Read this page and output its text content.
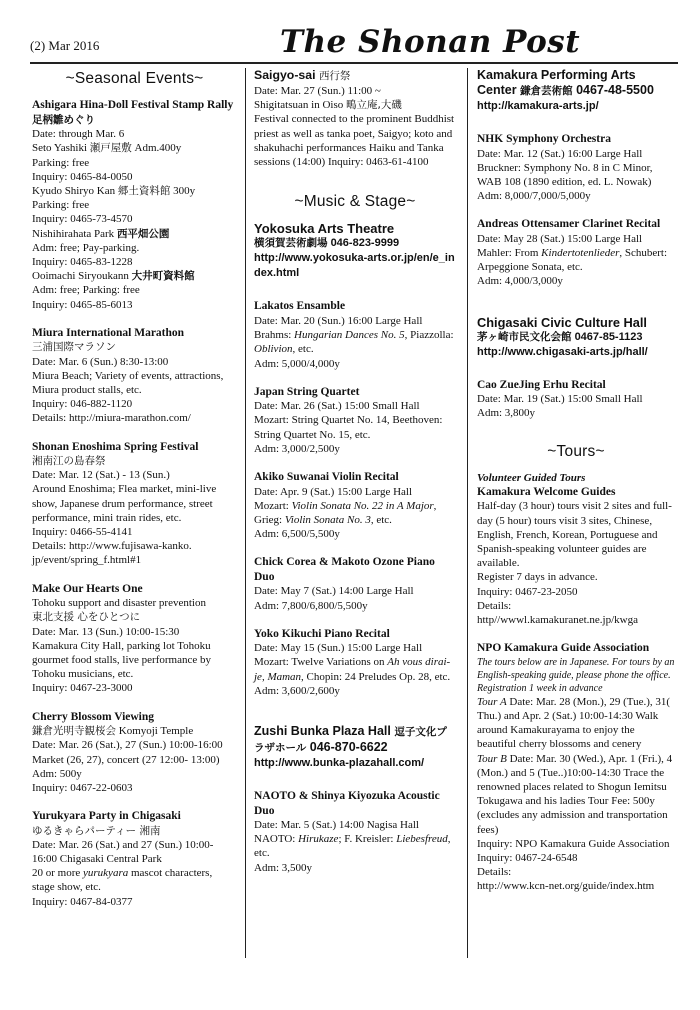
(2) Mar 2016	The Shonan Post
~Seasonal Events~
Ashigara Hina-Doll Festival Stamp Rally 足柄雛めぐり
Date: through Mar. 6
Seto Yashiki 瀬戸屋敷 Adm.400y
Parking: free
Inquiry: 0465-84-0050
Kyudo Shiryo Kan 郷土資料館 300y
Parking: free
Inquiry: 0465-73-4570
Nishihirahata Park 西平畑公園
Adm: free; Pay-parking.
Inquiry: 0465-83-1228
Ooimachi Siryoukann 大井町資料館
Adm: free; Parking: free
Inquiry: 0465-85-6013
Miura International Marathon
三浦国際マラソン
Date: Mar. 6 (Sun.) 8:30-13:00
Miura Beach; Variety of events, attractions, Miura product stalls, etc.
Inquiry: 046-882-1120
Details: http://miura-marathon.com/
Shonan Enoshima Spring Festival
湘南江の島春祭
Date: Mar. 12 (Sat.) - 13 (Sun.)
Around Enoshima; Flea market, mini-live show, Japanese drum performance, street performance, mini train rides, etc.
Inquiry: 0466-55-4141
Details: http://www.fujisawa-kanko. jp/event/spring_f.html#1
Make Our Hearts One
Tohoku support and disaster prevention
東北支援 心をひとつに
Date: Mar. 13 (Sun.) 10:00-15:30
Kamakura City Hall, parking lot Tohoku gourmet food stalls, live performance by Tohoku musicians, etc.
Inquiry: 0467-23-3000
Cherry Blossom Viewing
鎌倉光明寺観桜会 Komyoji Temple
Date: Mar. 26 (Sat.), 27 (Sun.) 10:00-16:00
Market (26, 27), concert (27 12:00- 13:00)
Adm: 500y
Inquiry: 0467-22-0603
Yurukyara Party in Chigasaki
ゆるきゃらパーティー 湘南
Date: Mar. 26 (Sat.) and 27 (Sun.) 10:00-16:00 Chigasaki Central Park
20 or more yurukyara mascot characters, stage show, etc.
Inquiry: 0467-84-0377
Saigyo-sai 西行祭
Date: Mar. 27 (Sun.) 11:00 ~
Shigitatsuan in Oiso 鴫立庵,大磯
Festival connected to the prominent Buddhist priest as well as tanka poet, Saigyo; koto and shakuhachi performances Haiku and Tanka sessions (14:00) Inquiry: 0463-61-4100
~Music & Stage~
Yokosuka Arts Theatre
横須賀芸術劇場 046-823-9999
http://www.yokosuka-arts.or.jp/en/e_index.html
Lakatos Ensamble
Date: Mar. 20 (Sun.) 16:00 Large Hall
Brahms: Hungarian Dances No. 5, Piazzolla: Oblivion, etc.
Adm: 5,000/4,000y
Japan String Quartet
Date: Mar. 26 (Sat.) 15:00 Small Hall
Mozart: String Quartet No. 14, Beethoven: String Quartet No. 15, etc.
Adm: 3,000/2,500y
Akiko Suwanai Violin Recital
Date: Apr. 9 (Sat.) 15:00 Large Hall
Mozart: Violin Sonata No. 22 in A Major, Grieg: Violin Sonata No. 3, etc.
Adm: 6,500/5,500y
Chick Corea & Makoto Ozone Piano Duo
Date: May 7 (Sat.) 14:00 Large Hall
Adm: 7,800/6,800/5,500y
Yoko Kikuchi Piano Recital
Date: May 15 (Sun.) 15:00 Large Hall
Mozart: Twelve Variations on Ah vous dirai-je, Maman, Chopin: 24 Preludes Op. 28, etc.
Adm: 3,600/2,600y
Zushi Bunka Plaza Hall 逗子文化プラザホール 046-870-6622
http://www.bunka-plazahall.com/
NAOTO & Shinya Kiyozuka Acoustic Duo
Date: Mar. 5 (Sat.) 14:00 Nagisa Hall
NAOTO: Hirukaze; F. Kreisler: Liebesfreud, etc.
Adm: 3,500y
Kamakura Performing Arts Center 鎌倉芸術館 0467-48-5500
http://kamakura-arts.jp/
NHK Symphony Orchestra
Date: Mar. 12 (Sat.) 16:00 Large Hall
Bruckner: Symphony No. 8 in C Minor, WAB 108 (1890 edition, ed. L. Nowak)
Adm: 8,000/7,000/5,000y
Andreas Ottensamer Clarinet Recital
Date: May 28 (Sat.) 15:00 Large Hall
Mahler: From Kindertotenlieder, Schubert: Arpeggione Sonata, etc.
Adm: 4,000/3,000y
Chigasaki Civic Culture Hall
茅ヶ崎市民文化会館 0467-85-1123
http://www.chigasaki-arts.jp/hall/
Cao ZueJing Erhu Recital
Date: Mar. 19 (Sat.) 15:00 Small Hall
Adm: 3,800y
~Tours~
Volunteer Guided Tours
Kamakura Welcome Guides
Half-day (3 hour) tours visit 2 sites and full-day (5 hour) tours visit 3 sites, Chinese, English, French, Korean, Portuguese and Spanish-speaking volunteer guides are available.
Register 7 days in advance.
Inquiry: 0467-23-2050
Details:
http//wwwl.kamakuranet.ne.jp/kwga
NPO Kamakura Guide Association
The tours below are in Japanese. For tours by an English-speaking guide, please phone the office. Registration 1 week in advance
Tour A Date: Mar. 28 (Mon.), 29 (Tue.), 31( Thu.) and Apr. 2 (Sat.) 10:00-14:30 Walk around Kamakurayama to enjoy the beautiful cherry blossoms and cenery
Tour B Date: Mar. 30 (Wed.), Apr. 1 (Fri.), 4 (Mon.) and 5 (Tue..)10:00-14:30 Trace the renowned places related to Shogun Iemitsu Tokugawa and his ladies Tour Fee: 500y (excludes any admission and transportation fees)
Inquiry: NPO Kamakura Guide Association
Inquiry: 0467-24-6548
Details:
http://www.kcn-net.org/guide/index.htm
